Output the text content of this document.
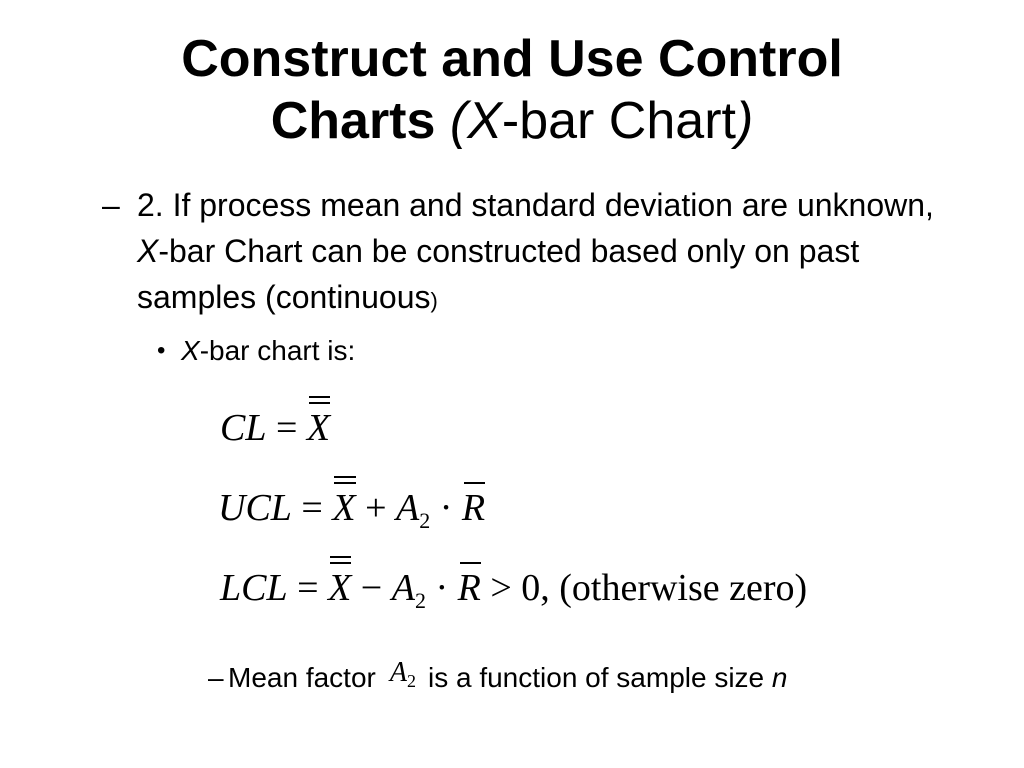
Construct and Use Control
Charts (X-bar Chart)
– 2. If process mean and standard deviation are unknown, X-bar Chart can be constructed based only on past samples (continuous)
• X-bar chart is:
CL = X
UCL = $X + A_2 \cdot R$
LCL = $X - A_2 \cdot R > 0$, (otherwise zero)
– Mean factor $A_2$ is a function of sample size n
